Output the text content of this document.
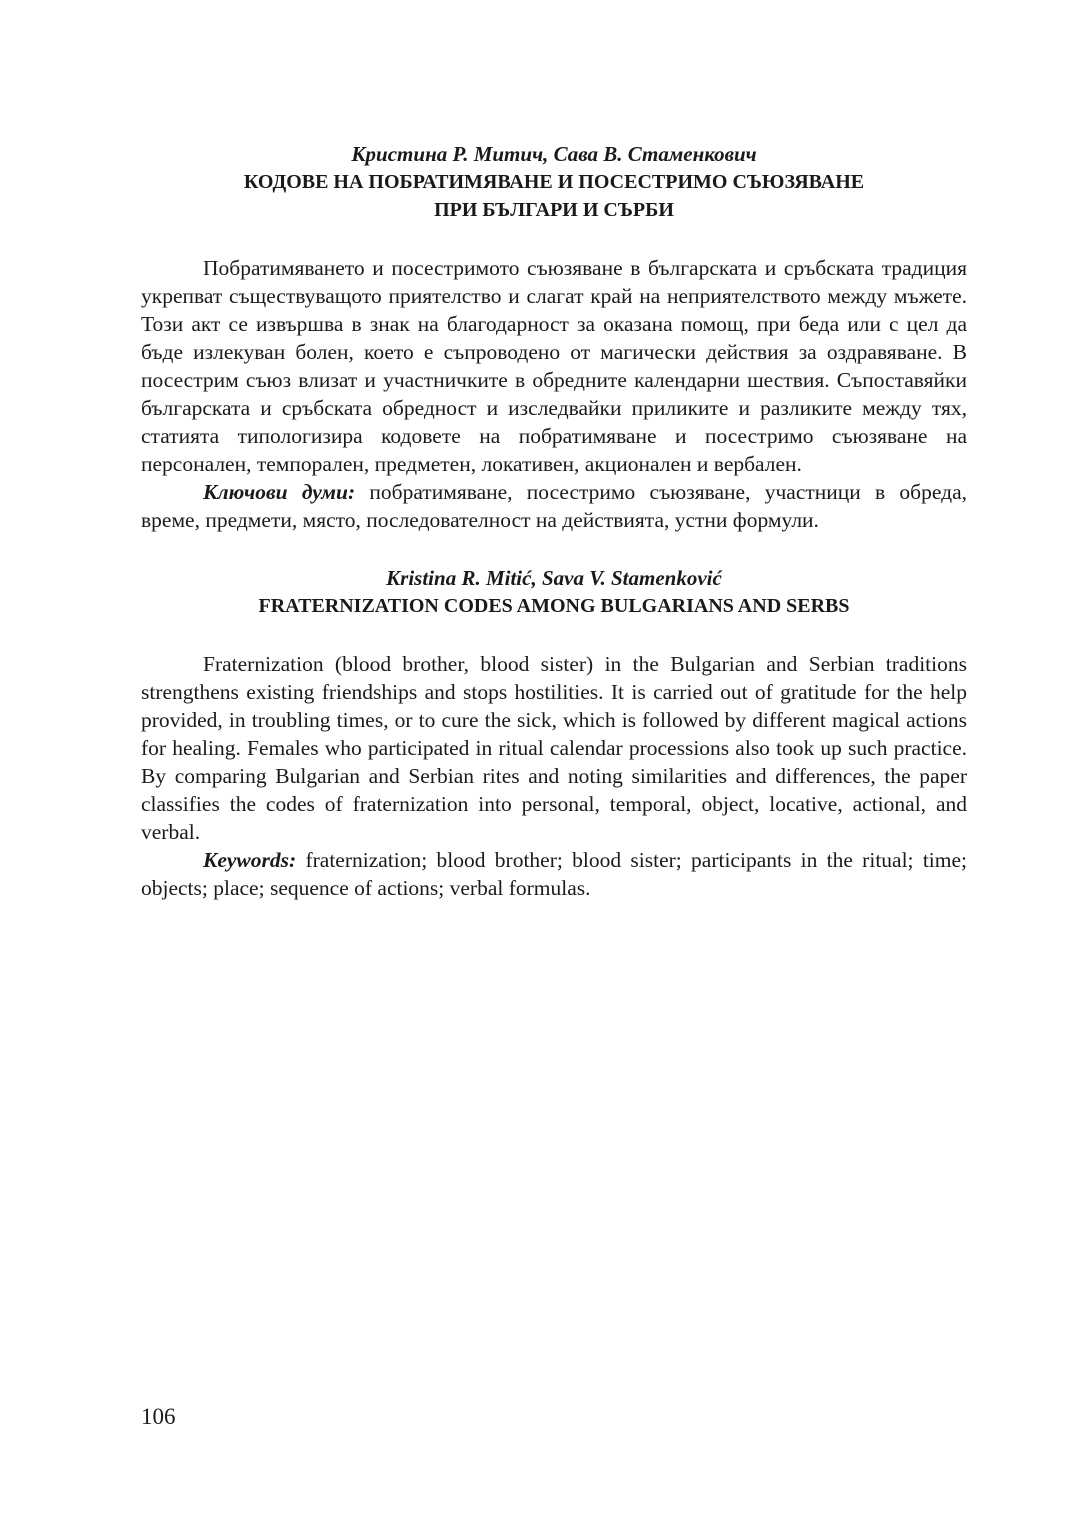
Кристина Р. Митич, Сава В. Стаменкович

КОДОВЕ НА ПОБРАТИМЯВАНЕ И ПОСЕСТРИМО СЪЮЗЯВАНЕ

ПРИ БЪЛГАРИ И СЪРБИ

Побратимяването и посестримото съюзяване в българската и сръбската традиция укрепват съществуващото приятелство и слагат край на неприятелството между мъжете. Този акт се извършва в знак на благодарност за оказана помощ, при беда или с цел да бъде излекуван болен, което е съпроводено от магически действия за оздравяване. В посестрим съюз влизат и участничките в обредните календарни шествия. Съпоставяйки българската и сръбската обредност и изследвайки приликите и разликите между тях, статията типологизира кодовете на побратимяване и посестримо съюзяване на персонален, темпорален, предметен, локативен, акционален и вербален.

Ключови думи: побратимяване, посестримо съюзяване, участници в обреда, време, предмети, място, последователност на действията, устни формули.

Kristina R. Mitić, Sava V. Stamenković

FRATERNIZATION CODES AMONG BULGARIANS AND SERBS

Fraternization (blood brother, blood sister) in the Bulgarian and Serbian traditions strengthens existing friendships and stops hostilities. It is carried out of gratitude for the help provided, in troubling times, or to cure the sick, which is followed by different magical actions for healing. Females who participated in ritual calendar processions also took up such practice. By comparing Bulgarian and Serbian rites and noting similarities and differences, the paper classifies the codes of fraternization into personal, temporal, object, locative, actional, and verbal.

Keywords: fraternization; blood brother; blood sister; participants in the ritual; time; objects; place; sequence of actions; verbal formulas.

106
